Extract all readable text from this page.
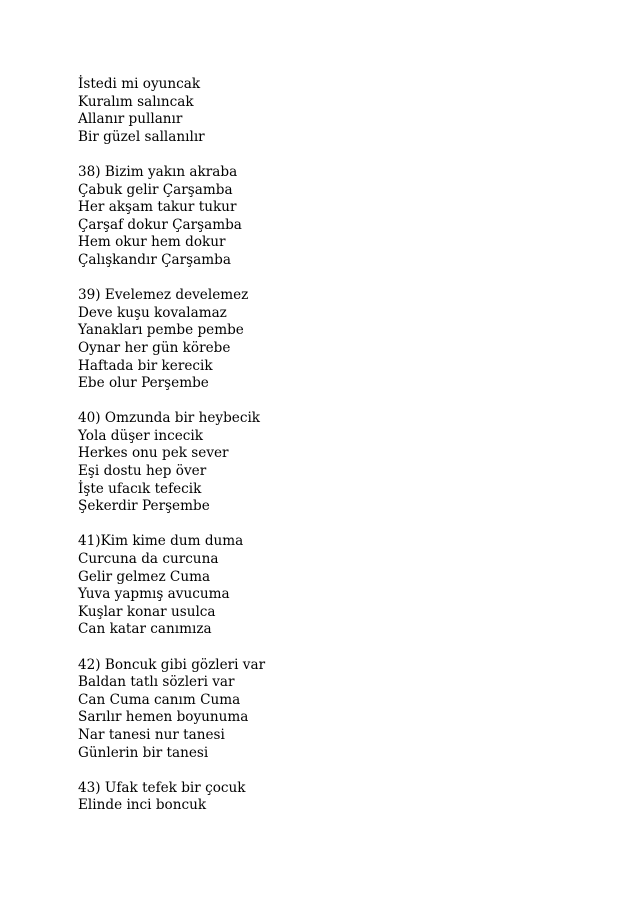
İstedi mi oyuncak
Kuralım salıncak
Allanır pullanır
Bir güzel sallanılır
38) Bizim yakın akraba
Çabuk gelir Çarşamba
Her akşam takur tukur
Çarşaf dokur Çarşamba
Hem okur hem dokur
Çalışkandır Çarşamba
39) Evelemez develemez
Deve kuşu kovalamaz
Yanakları pembe pembe
Oynar her gün körebe
Haftada bir kerecik
Ebe olur Perşembe
40) Omzunda bir heybecik
Yola düşer incecik
Herkes onu pek sever
Eşi dostu hep över
İşte ufacık tefecik
Şekerdir Perşembe
41)Kim kime dum duma
Curcuna da curcuna
Gelir gelmez Cuma
Yuva yapmış avucuma
Kuşlar konar usulca
Can katar canımıza
42) Boncuk gibi gözleri var
Baldan tatlı sözleri var
Can Cuma canım Cuma
Sarılır hemen boyunuma
Nar tanesi nur tanesi
Günlerin bir tanesi
43) Ufak tefek bir çocuk
Elinde inci boncuk
